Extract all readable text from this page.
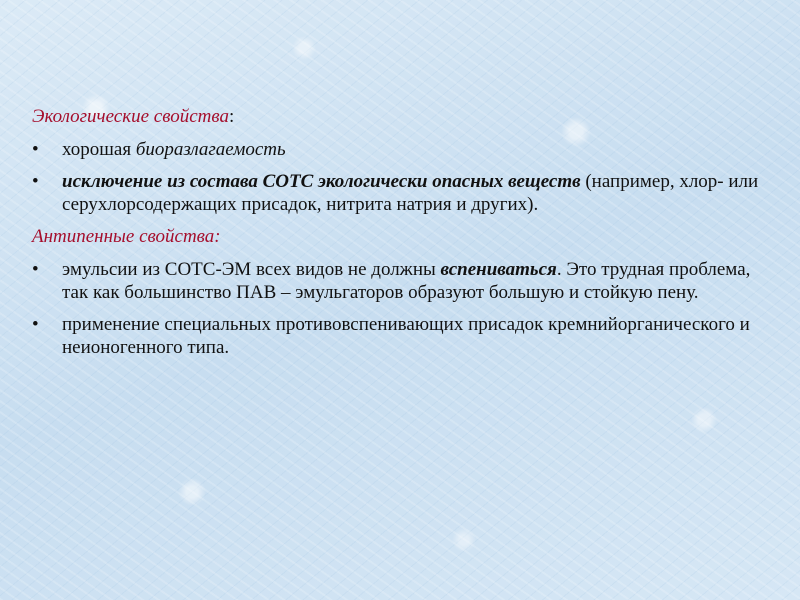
Экологические свойства:
• хорошая биоразлагаемость
• исключение из состава СОТС экологически опасных веществ (например, хлор- или серухлорсодержащих присадок, нитрита натрия и других).
Антипенные свойства:
• эмульсии из СОТС-ЭМ всех видов не должны вспениваться. Это трудная проблема, так как большинство ПАВ – эмульгаторов образуют большую и стойкую пену.
• применение специальных противовспенивающих присадок кремнийорганического и неионогенного типа.
